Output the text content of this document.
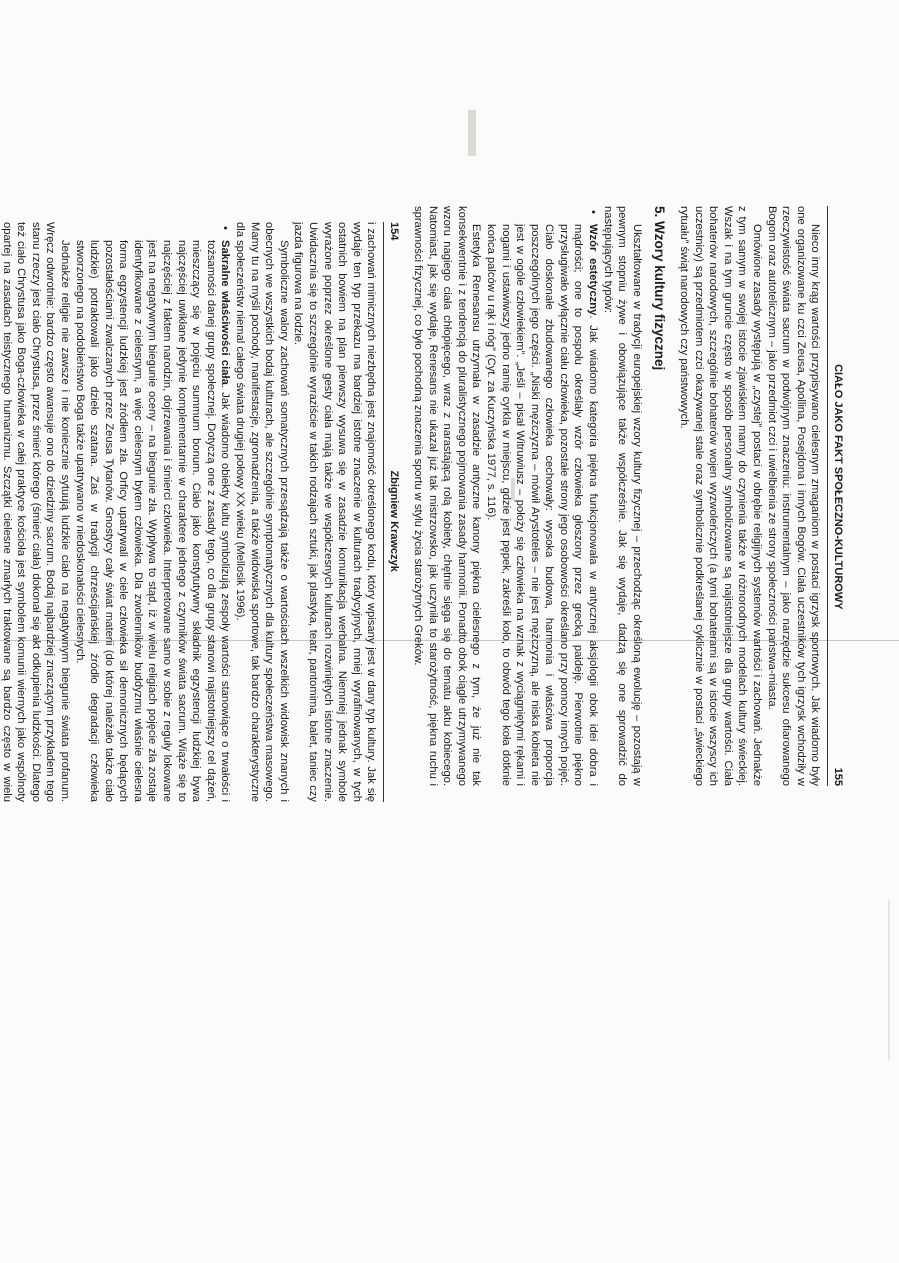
154
Zbigniew Krawczyk

i zachowań mimicznych niezbędna jest znajomość określonego kodu, który wpisany jest w dany typ kultury. Jak się wydaje ten typ przekazu ma bardziej istotne znaczenie w kulturach tradycyjnych, mniej wyrafinowanych, w tych ostatnich bowiem na plan pierwszy wysuwa się w zasadzie komunikacja werbalna. Niemniej jednak symbole wyrażone poprzez określone gesty ciała mają także we współczesnych kulturach rozwiniętych istotne znaczenie. Uwidacznia się to szczególnie wyraziście w takich rodzajach sztuki, jak plastyka, teatr, pantomima, balet, taniec czy jazda figurowa na lodzie.

Symboliczne walory zachowań somatycznych przesądzają także o wartościach wszelkich widowisk znanych i obecnych we wszystkich bodaj kulturach, ale szczególnie symptomatycznych dla kultury społeczeństwa masowego. Mamy tu na myśli pochody, manifestacje, zgromadzenia, a także widowiska sportowe, tak bardzo charakterystyczne dla społeczeństw niemal całego świata drugiej połowy XX wieku (Mellosik 1996).

• Sakralne właściwości ciała. Jak wiadomo obiekty kultu symbolizują zespoły wartości stanowiące o trwałości i tożsamości danej grupy społecznej. Dotyczą one z zasady tego, co dla grupy stanowi najistotniejszy cel dążeń, mieszczący się w pojęciu summum bonum. Ciało jako konstytutywny składnik egzystencji ludzkiej bywa najczęściej uwikłane jedynie komplementarnie w charaktere jednego z czynników świata sacrum. Wiąże się to najczęściej z faktem narodzin, dojrzewania i śmierci człowieka. Interpretowane samo w sobie z reguły lokowane jest na negatywnym biegunie oceny – na biegunie zła. Wypływa to stąd, iż w wielu religiach pojęcie zła zostaje identyfikowane z cielesnym, a więc cielesnym bytem człowieka. Dla zwolenników buddyzmu właśnie cielesna forma egzystencji ludzkiej jest źródłem zła. Orficy upatrywali w ciele człowieka sił demonicznych będących pozostałościami zwalczanych przez Zeusa Tytanów. Gnostycy cały świat materii (do której należało także ciało ludzkie) potraktowali jako dzieło szatana. Zaś w tradycji chrześcijańskiej źródło degradacji człowieka stworzonego na podobieństwo Boga także upatrywano w niedoskonałości cielesnych.

Jednakże religie nie zawsze i nie koniecznie sytuują ludzkie ciało na negatywnym biegunie świata profanum. Wręcz odwrotnie: bardzo często awansuje ono do dziedziny sacrum. Bodaj najbardziej znaczącym przykładem tego stanu rzeczy jest ciało Chrystusa, przez śmierć którego (śmierć ciała) dokonał się akt odkupienia ludzkości. Dlatego też ciało Chrystusa jako Boga-człowieka w całej praktyce kościoła jest symbolem komunii wiernych jako wspólnoty opartej na zasadach teistycznego humanizmu. Szczątki cielesne zmarłych traktowane są bardzo często w wielu

CIAŁO JAKO FAKT SPOŁECZNO-KULTUROWY
155

Nieco inny krąg wartości przypisywano cielesnym zmaganiom w postaci igrzysk sportowych. Jak wiadomo były one organizowane ku czci Zeusa, Apollina, Posejdona i innych Bogów. Ciała uczestników tych igrzysk wchodziły w rzeczywistość świata sacrum w podwójnym znaczeniu: instrumentalnym – jako narzędzie sukcesu ofiarowanego Bogom oraz autotelicznym – jako przedmiot czci i uwielbienia ze strony społeczności państwa-miasta.

Omówione zasady występują w „czystej” postaci w obrębie religijnych systemów wartości i zachowań. Jednakże z tym samym w swojej istocie zjawiskiem mamy do czynienia także w różnorodnych modelach kultury świeckiej. Wszak i na tym gruncie często w sposób personalny symbolizowane są najistotniejsze dla grupy wartości. Ciała bohaterów narodowych, szczególnie bohaterów wojen wyzwoleńczych (a tymi bohaterami są w istocie wszyscy ich uczestnicy) są przedmiotem czci okazywanej stale oraz symbolicznie podkreślanej cyklicznie w postaci „świeckiego rytuału” świąt narodowych czy państwowych.

5. Wzory kultury fizycznej

Ukształtowane w tradycji europejskiej wzory kultury fizycznej – przechodząc określoną ewolucję – pozostają w pewnym stopniu żywe i obowiązujące także współcześnie. Jak się wydaje, dadzą się one sprowadzić do następujących typów:

• Wzór estetyczny. Jak wiadomo kategoria piękna funkcjonowała w antycznej aksjologii obok idei dobra i mądrości; one to pospołu określały wzór człowieka głoszony przez grecką paideję. Pierwotnie piękno przysługiwało wyłącznie ciału człowieka, pozostałe strony jego osobowości określano przy pomocy innych pojęć. Ciało doskonałe zbudowanego człowieka cechowały: wysoka budowa, harmonia i właściwa proporcja poszczególnych jego części. „Niski mężczyzna – mówił Arystoteles – nie jest mężczyzną, ale niska kobieta nie jest w ogóle człowiekiem”. „Jeśli – pisał Witruwiusz – położy się człowieka na wznak z wyciągniętymi rękami i nogami i ustawiwszy jedno ramię cyrkla w miejscu, gdzie jest pępek, zakreśli koło, to obwód tego koła dotknie końca palców u rąk i nóg” (Cyt. za Kuczyńska 1977, s. 116).

Estetyka Renesansu utrzymała w zasadzie antyczne kanony piękna cielesnego z tym, że już nie tak konsekwentnie i z tendencją do pluralistycznego pojmowania zasady harmonii. Ponadto obok ciągle utrzymywanego wzoru nagiego ciała chłopięcego, wraz z narastającą rolą kobiety, chętnie sięga się do tematu aktu kobiecego. Natomiast, jak się wydaje, Renesans nie ukazał już tak mistrzowsko, jak uczyniła to starożytność, piękna ruchu i sprawności fizycznej, co było pochodną znaczenia sportu w stylu życia starożytnych Greków.
